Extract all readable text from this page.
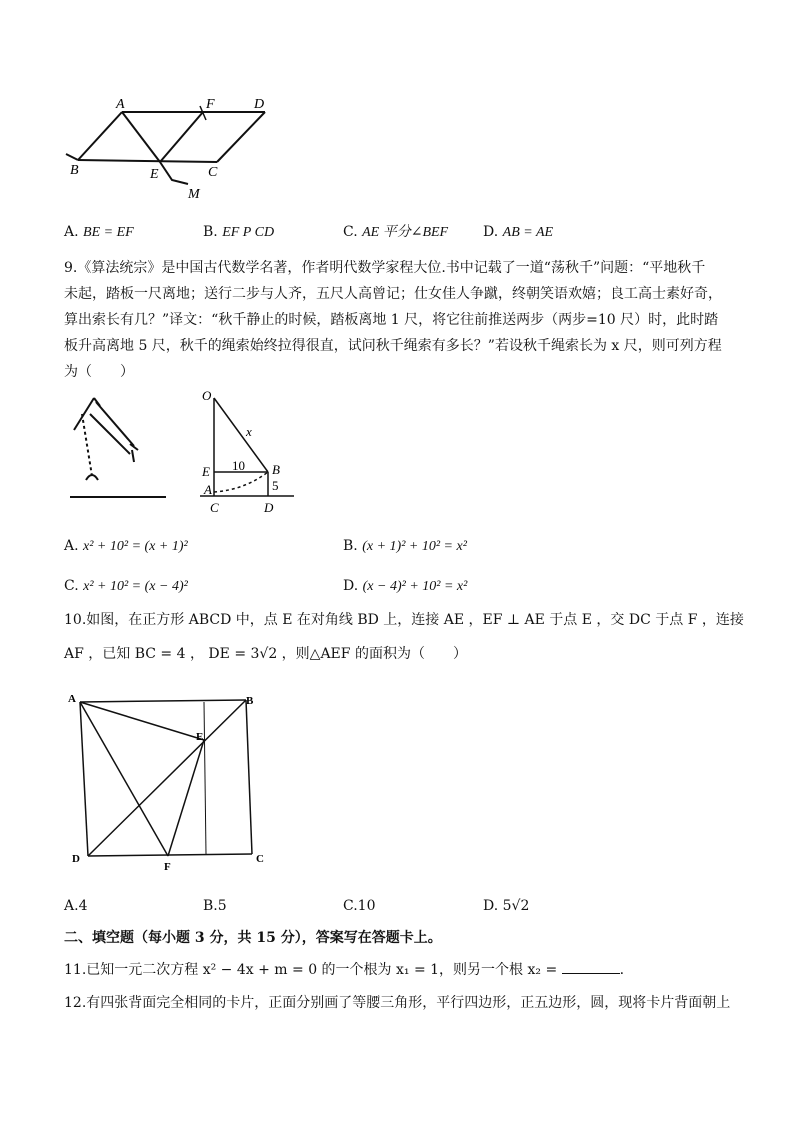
A	F	D
B	E	C
M
A. BE = EF	B. EF P CD	C. AE 平分∠BEF D. AB = AE
9.《算法统宗》是中国古代数学名著，作者明代数学家程大位.书中记载了一道“荡秋千”问题：“平地秋千
未起，踏板一尺离地；送行二步与人齐，五尺人高曾记；仕女佳人争蹴，终朝笑语欢嬉；良工高士素好奇，
算出索长有几？”译文：“秋千静止的时候，踏板离地 1 尺，将它往前推送两步（两步=10 尺）时，此时踏
板升高离地 5 尺，秋千的绳索始终拉得很直，试问秋千绳索有多长？”若设秋千绳索长为 x 尺，则可列方程
为（　　）
O
x
E 10 B
A	5
C	D
A. x² + 10² = (x + 1)²	B. (x + 1)² + 10² = x²
C. x² + 10² = (x − 4)²	D. (x − 4)² + 10² = x²
10.如图，在正方形 ABCD 中，点 E 在对角线 BD 上，连接 AE ，EF ⊥ AE 于点 E ，交 DC 于点 F ，连接
AF ，已知 BC = 4 ， DE = 3√2 ，则△AEF 的面积为（　　）
A	B
E
D
F
C
A.4	B.5	C.10	D. 5√2
二、填空题（每小题 3 分，共 15 分），答案写在答题卡上。
11.已知一元二次方程 x² − 4x + m = 0 的一个根为 x₁ = 1，则另一个根 x₂ =	.
12.有四张背面完全相同的卡片，正面分别画了等腰三角形，平行四边形，正五边形，圆，现将卡片背面朝上
